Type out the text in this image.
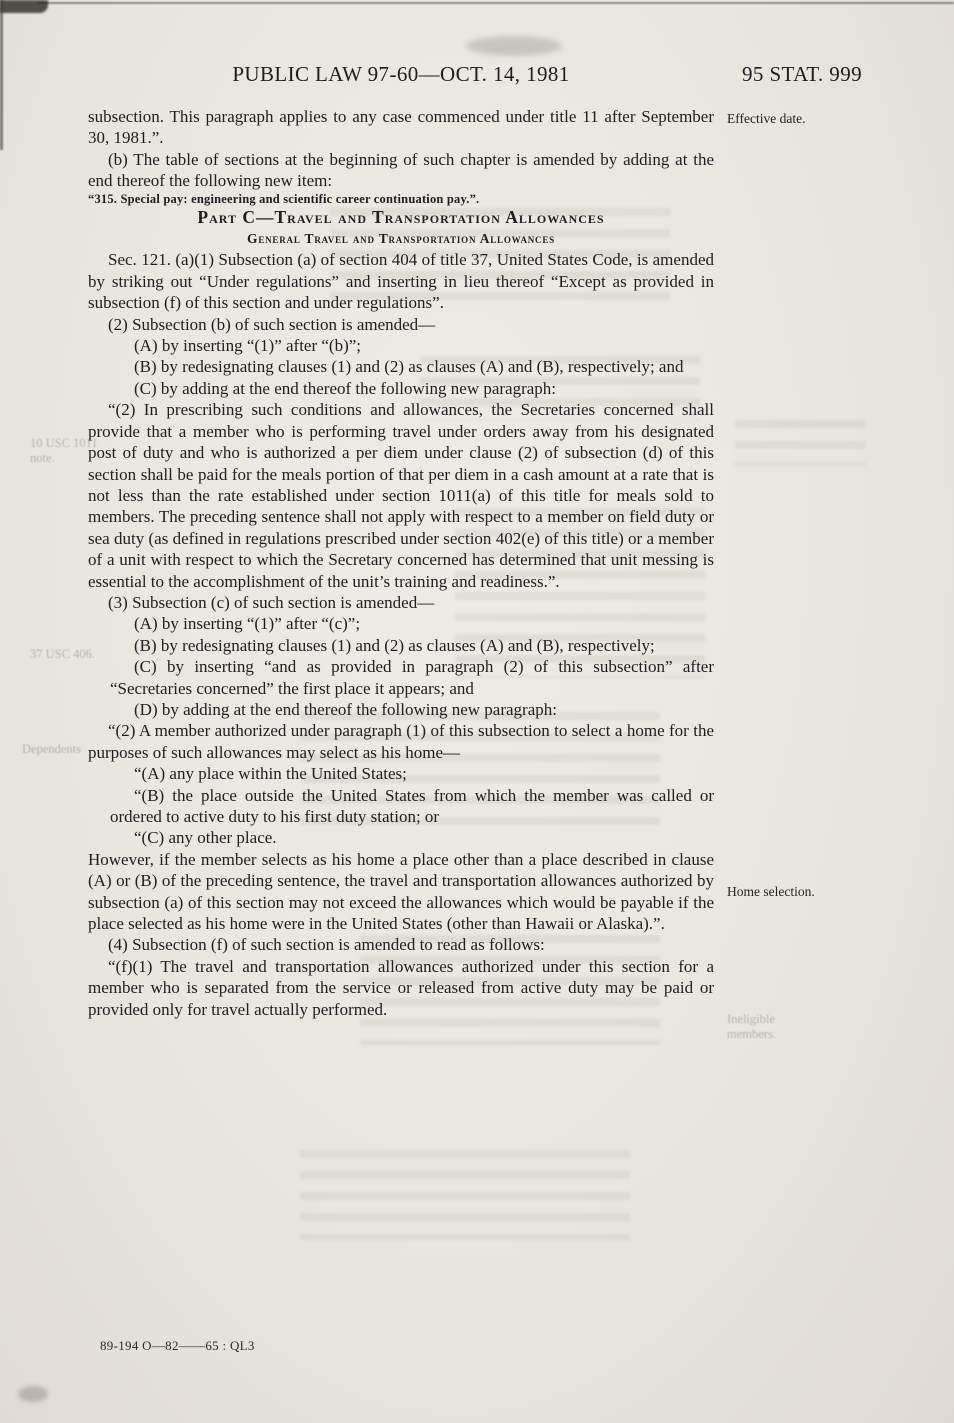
PUBLIC LAW 97-60—OCT. 14, 1981	95 STAT. 999

subsection. This paragraph applies to any case commenced under title 11 after September 30, 1981.”.

(b) The table of sections at the beginning of such chapter is amended by adding at the end thereof the following new item:

“315. Special pay: engineering and scientific career continuation pay.”.

Part C—Travel and Transportation Allowances

General Travel and Transportation Allowances

Sec. 121. (a)(1) Subsection (a) of section 404 of title 37, United States Code, is amended by striking out “Under regulations” and inserting in lieu thereof “Except as provided in subsection (f) of this section and under regulations”.

(2) Subsection (b) of such section is amended—

(A) by inserting “(1)” after “(b)”;

(B) by redesignating clauses (1) and (2) as clauses (A) and (B), respectively; and

(C) by adding at the end thereof the following new paragraph:

“(2) In prescribing such conditions and allowances, the Secretaries concerned shall provide that a member who is performing travel under orders away from his designated post of duty and who is authorized a per diem under clause (2) of subsection (d) of this section shall be paid for the meals portion of that per diem in a cash amount at a rate that is not less than the rate established under section 1011(a) of this title for meals sold to members. The preceding sentence shall not apply with respect to a member on field duty or sea duty (as defined in regulations prescribed under section 402(e) of this title) or a member of a unit with respect to which the Secretary concerned has determined that unit messing is essential to the accomplishment of the unit’s training and readiness.”.

(3) Subsection (c) of such section is amended—

(A) by inserting “(1)” after “(c)”;

(B) by redesignating clauses (1) and (2) as clauses (A) and (B), respectively;

(C) by inserting “and as provided in paragraph (2) of this subsection” after “Secretaries concerned” the first place it appears; and

(D) by adding at the end thereof the following new paragraph:

“(2) A member authorized under paragraph (1) of this subsection to select a home for the purposes of such allowances may select as his home—

“(A) any place within the United States;

“(B) the place outside the United States from which the member was called or ordered to active duty to his first duty station; or

“(C) any other place.

However, if the member selects as his home a place other than a place described in clause (A) or (B) of the preceding sentence, the travel and transportation allowances authorized by subsection (a) of this section may not exceed the allowances which would be payable if the place selected as his home were in the United States (other than Hawaii or Alaska).”.

(4) Subsection (f) of such section is amended to read as follows:

“(f)(1) The travel and transportation allowances authorized under this section for a member who is separated from the service or released from active duty may be paid or provided only for travel actually performed.

Effective date.
Home selection.
10 USC 1011 note.
37 USC 406.
Dependents
Ineligible members.
89-194 O—82——65 : QL3
